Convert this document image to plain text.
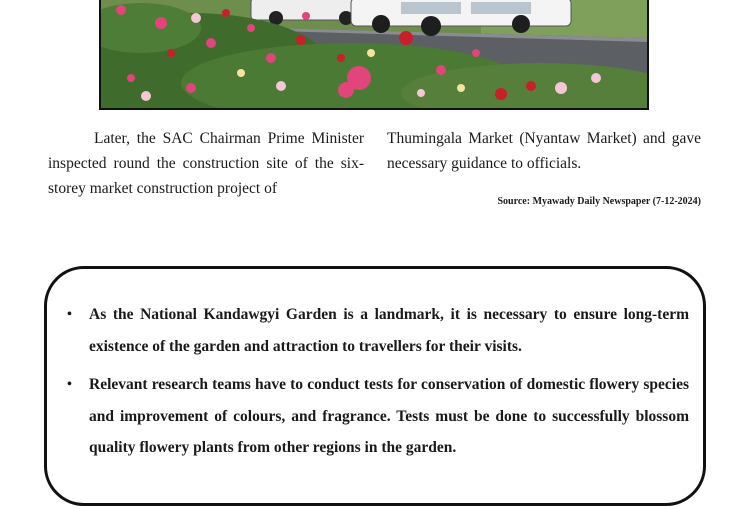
Later, the SAC Chairman Prime Minister inspected round the construction site of the six-storey market construction project of
Thumingala Market (Nyantaw Market) and gave necessary guidance to officials.
Source: Myawady Daily Newspaper (7-12-2024)
• As the National Kandawgyi Garden is a landmark, it is necessary to ensure long-term existence of the garden and attraction to travellers for their visits.
• Relevant research teams have to conduct tests for conservation of domestic flowery species and improvement of colours, and fragrance. Tests must be done to successfully blossom quality flowery plants from other regions in the garden.
